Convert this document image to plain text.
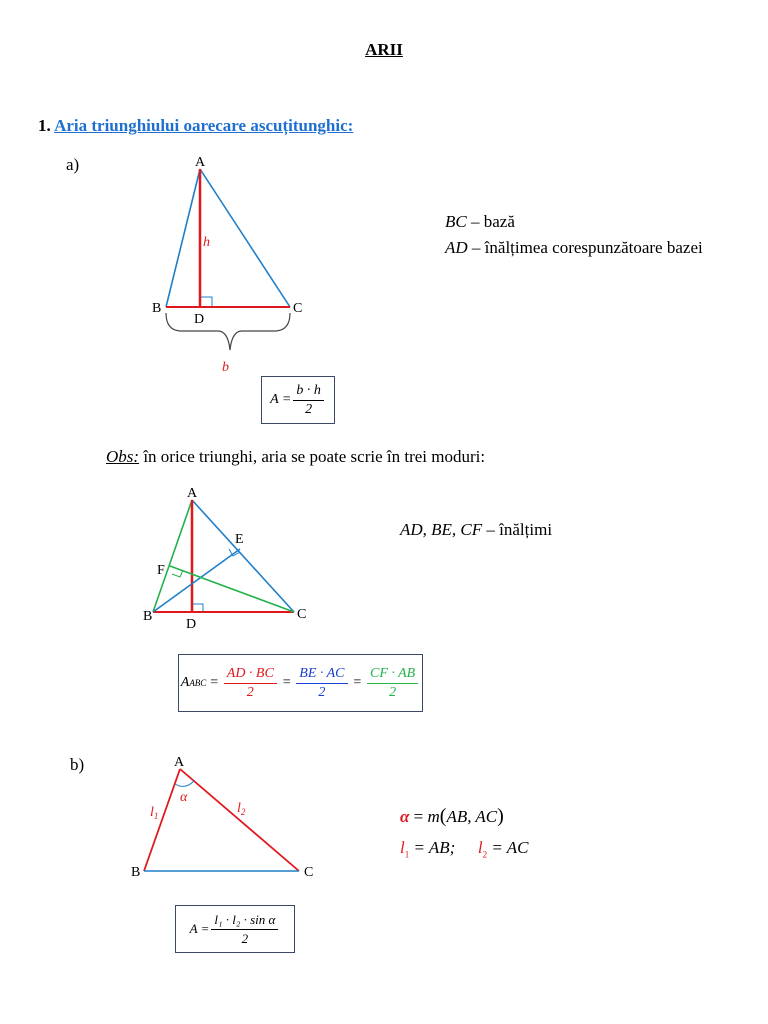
ARII
1. Aria triunghiului oarecare ascuțitunghic:
a)	A
B	C
D
h
b
A
B	C
D
E
F
A
B	C
α
$l_1$	$l_2$
BC – bază
AD – înălțimea corespunzătoare bazei
$A = \frac{b \cdot h}{2}$
Obs: în orice triunghi, aria se poate scrie în trei moduri:
AD, BE, CF – înălțimi
A ABC = $\frac{AD \cdot BC}{2} = \frac{BE \cdot AC}{2} = \frac{CF \cdot AB}{2}$
b)
α = m(AB, AC)
$l_1$ = AB; $l_2$ = AC
$A = \frac{\text{l₁ · l₂ · sin α}}{2}$
